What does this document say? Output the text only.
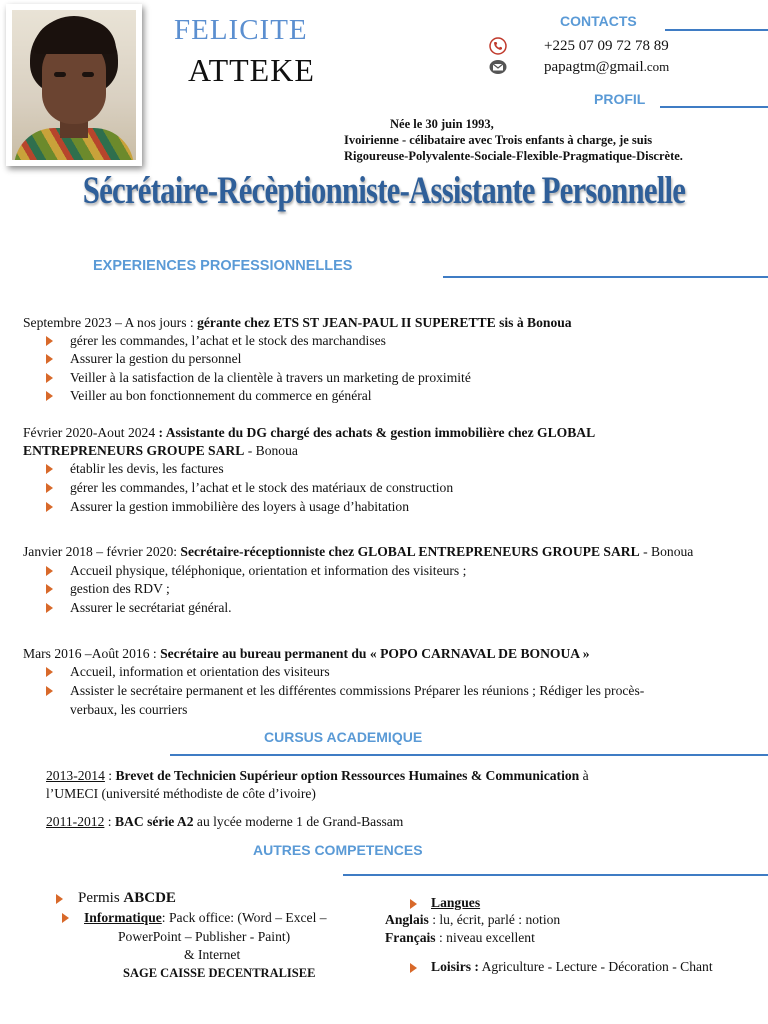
FELICITE
ATTEKE
CONTACTS
+225 07 09 72 78 89
papagtm@gmail.com
PROFIL
Née le 30 juin 1993,
Ivoirienne - célibataire avec Trois enfants à charge, je suis
Rigoureuse-Polyvalente-Sociale-Flexible-Pragmatique-Discrète.
Sécrétaire-Récèptionniste-Assistante Personnelle
EXPERIENCES PROFESSIONNELLES
Septembre 2023 – A nos jours : gérante chez ETS ST JEAN-PAUL II SUPERETTE sis à Bonoua
gérer les commandes, l’achat et le stock des marchandises
Assurer la gestion du personnel
Veiller à la satisfaction de la clientèle à travers un marketing de proximité
Veiller au bon fonctionnement du commerce en général
Février 2020-Aout 2024 : Assistante du DG chargé des achats & gestion immobilière chez GLOBAL
ENTREPRENEURS GROUPE SARL - Bonoua
établir les devis, les factures
gérer les commandes, l’achat et le stock des matériaux de construction
Assurer la gestion immobilière des loyers à usage d’habitation
Janvier 2018 – février 2020: Secrétaire-réceptionniste chez GLOBAL ENTREPRENEURS GROUPE SARL - Bonoua
Accueil physique, téléphonique, orientation et information des visiteurs ;
gestion des RDV ;
Assurer le secrétariat général.
Mars 2016 –Août 2016 : Secrétaire au bureau permanent du « POPO CARNAVAL DE BONOUA »
Accueil, information et orientation des visiteurs
Assister le secrétaire permanent et les différentes commissions Préparer les réunions ; Rédiger les procès-
verbaux, les courriers
CURSUS ACADEMIQUE
2013-2014 : Brevet de Technicien Supérieur option Ressources Humaines & Communication à
l’UMECI (université méthodiste de côte d’ivoire)
2011-2012 : BAC série A2 au lycée moderne 1 de Grand-Bassam
AUTRES COMPETENCES
Permis ABCDE
Informatique: Pack office: (Word – Excel –
PowerPoint – Publisher - Paint)
& Internet
SAGE CAISSE DECENTRALISEE
Langues
Anglais : lu, écrit, parlé : notion
Français : niveau excellent
Loisirs : Agriculture - Lecture - Décoration - Chant
